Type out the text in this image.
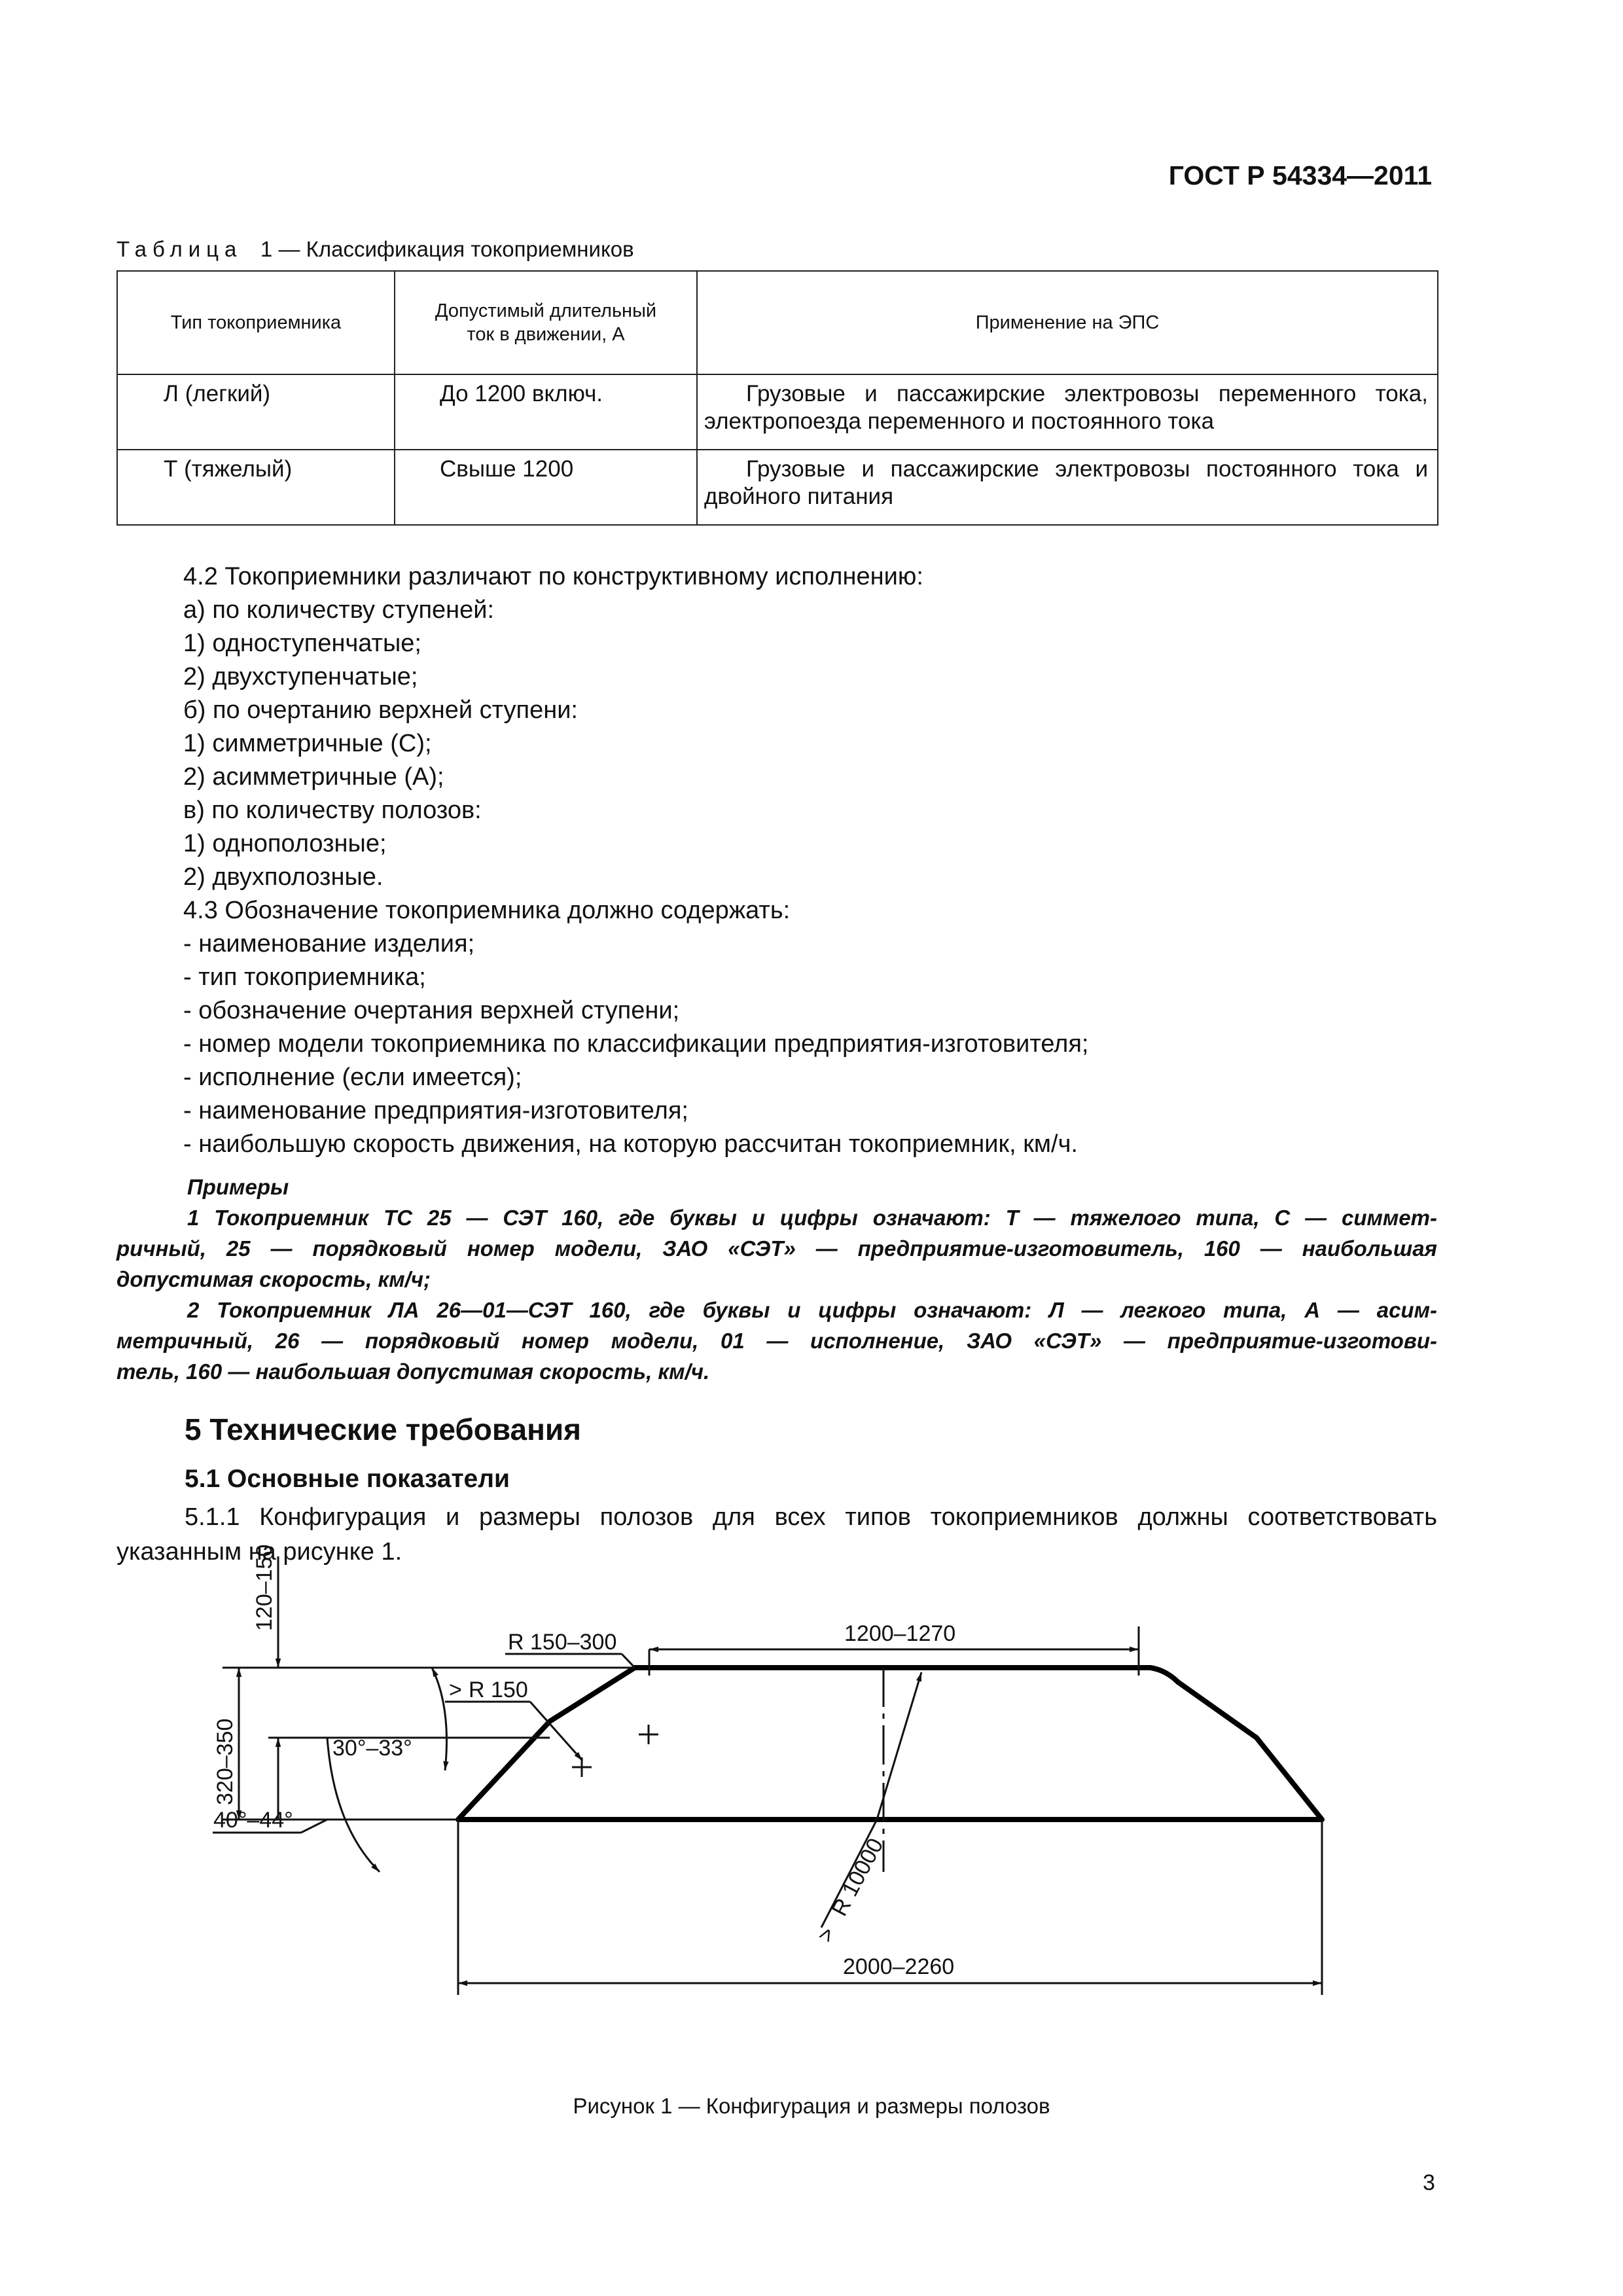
ГОСТ Р 54334—2011
Таблица 1 — Классификация токоприемников
Тип токоприемника	Допустимый длительный ток в движении, А	Применение на ЭПС
Л (легкий)	До 1200 включ.	Грузовые и пассажирские электровозы переменного тока, электропоезда переменного и постоянного тока
Т (тяжелый)	Свыше 1200	Грузовые и пассажирские электровозы постоянного тока и двойного питания
4.2 Токоприемники различают по конструктивному исполнению:
а) по количеству ступеней:
1) одноступенчатые;
2) двухступенчатые;
б) по очертанию верхней ступени:
1) симметричные (С);
2) асимметричные (А);
в) по количеству полозов:
1) однополозные;
2) двухполозные.
4.3 Обозначение токоприемника должно содержать:
- наименование изделия;
- тип токоприемника;
- обозначение очертания верхней ступени;
- номер модели токоприемника по классификации предприятия-изготовителя;
- исполнение (если имеется);
- наименование предприятия-изготовителя;
- наибольшую скорость движения, на которую рассчитан токоприемник, км/ч.
Примеры
1 Токоприемник ТС 25 — СЭТ 160, где буквы и цифры означают: Т — тяжелого типа, С — симмет-
ричный, 25 — порядковый номер модели, ЗАО «СЭТ» — предприятие-изготовитель, 160 — наибольшая
допустимая скорость, км/ч;
2 Токоприемник ЛА 26—01—СЭТ 160, где буквы и цифры означают: Л — легкого типа, А — асим-
метричный, 26 — порядковый номер модели, 01 — исполнение, ЗАО «СЭТ» — предприятие-изготови-
тель, 160 — наибольшая допустимая скорость, км/ч.
5 Технические требования
5.1 Основные показатели
5.1.1 Конфигурация и размеры полозов для всех типов токоприемников должны соответствовать указанным на рисунке 1.
120–150
320–350
R 150–300	1200–1270
> R 150
30°–33°
40°–44°
>
R 10000
2000–2260
Рисунок 1 — Конфигурация и размеры полозов
3
